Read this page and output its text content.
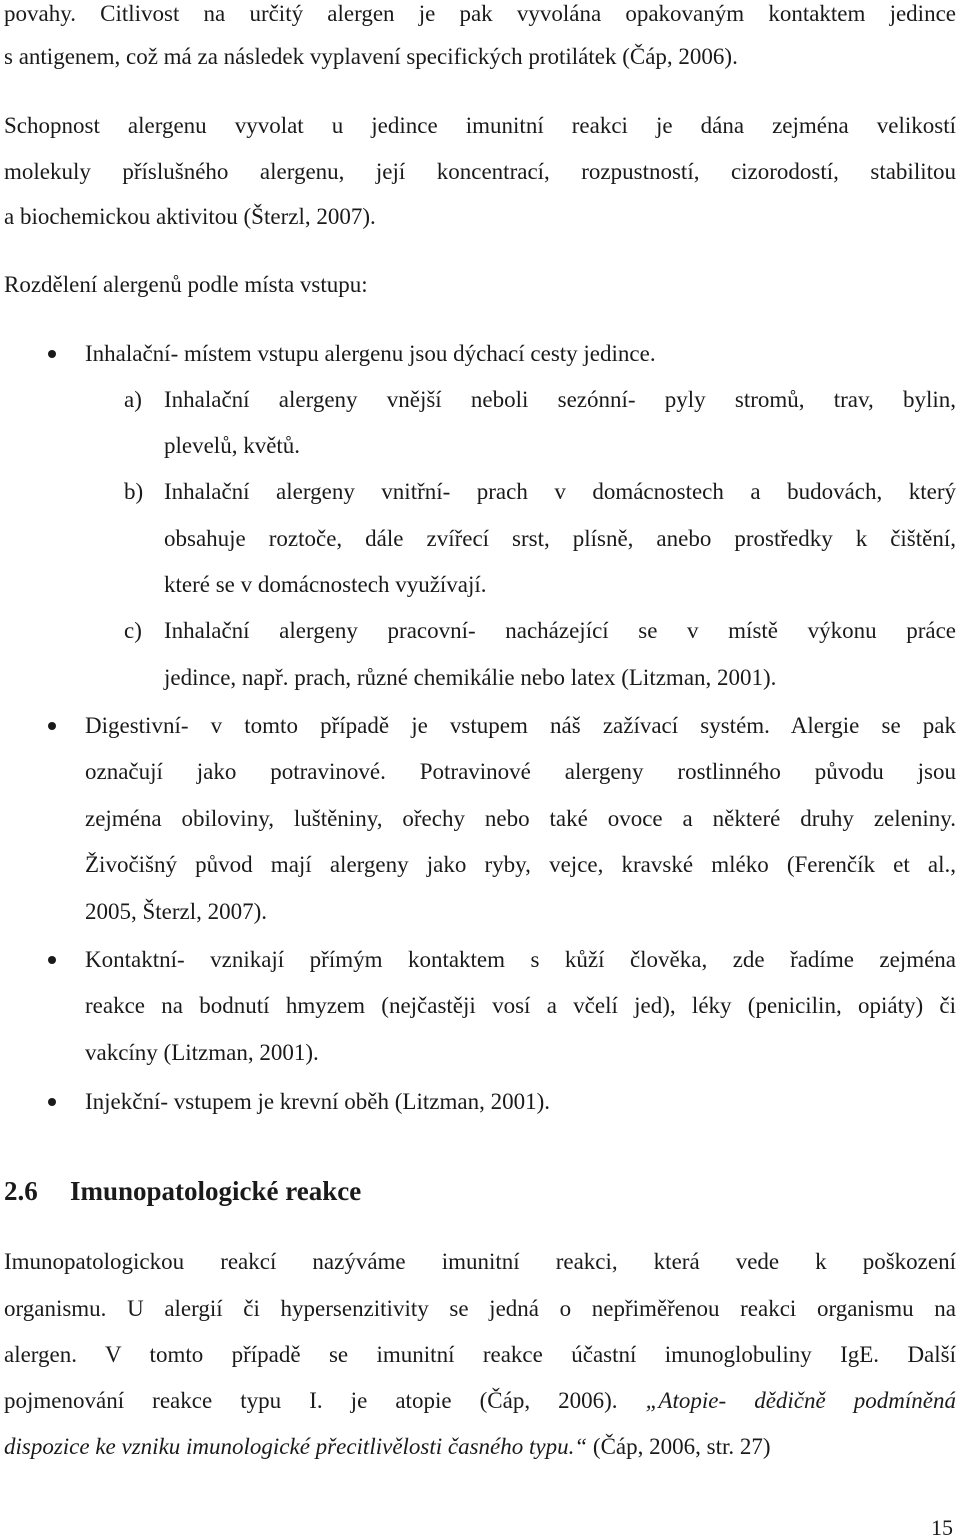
povahy. Citlivost na určitý alergen je pak vyvolána opakovaným kontaktem jedince
s antigenem, což má za následek vyplavení specifických protilátek (Čáp, 2006).
Schopnost alergenu vyvolat u jedince imunitní reakci je dána zejména velikostí
molekuly příslušného alergenu, její koncentrací, rozpustností, cizorodostí, stabilitou
a biochemickou aktivitou (Šterzl, 2007).
Rozdělení alergenů podle místa vstupu:
Inhalační- místem vstupu alergenu jsou dýchací cesty jedince.
a) Inhalační alergeny vnější neboli sezónní- pyly stromů, trav, bylin,
plevelů, květů.
b) Inhalační alergeny vnitřní- prach v domácnostech a budovách, který
obsahuje roztoče, dále zvířecí srst, plísně, anebo prostředky k čištění,
které se v domácnostech využívají.
c) Inhalační alergeny pracovní- nacházející se v místě výkonu práce
jedince, např. prach, různé chemikálie nebo latex (Litzman, 2001).
Digestivní- v tomto případě je vstupem náš zažívací systém. Alergie se pak
označují jako potravinové. Potravinové alergeny rostlinného původu jsou
zejména obiloviny, luštěniny, ořechy nebo také ovoce a některé druhy zeleniny.
Živočišný původ mají alergeny jako ryby, vejce, kravské mléko (Ferenčík et al.,
2005, Šterzl, 2007).
Kontaktní- vznikají přímým kontaktem s kůží člověka, zde řadíme zejména
reakce na bodnutí hmyzem (nejčastěji vosí a včelí jed), léky (penicilin, opiáty) či
vakcíny (Litzman, 2001).
Injekční- vstupem je krevní oběh (Litzman, 2001).
2.6 Imunopatologické reakce
Imunopatologickou reakcí nazýváme imunitní reakci, která vede k poškození
organismu. U alergií či hypersenzitivity se jedná o nepřiměřenou reakci organismu na
alergen. V tomto případě se imunitní reakce účastní imunoglobuliny IgE. Další
pojmenování reakce typu I. je atopie (Čáp, 2006). „Atopie- dědičně podmíněná
dispozice ke vzniku imunologické přecitlivělosti časného typu.“ (Čáp, 2006, str. 27)
15
